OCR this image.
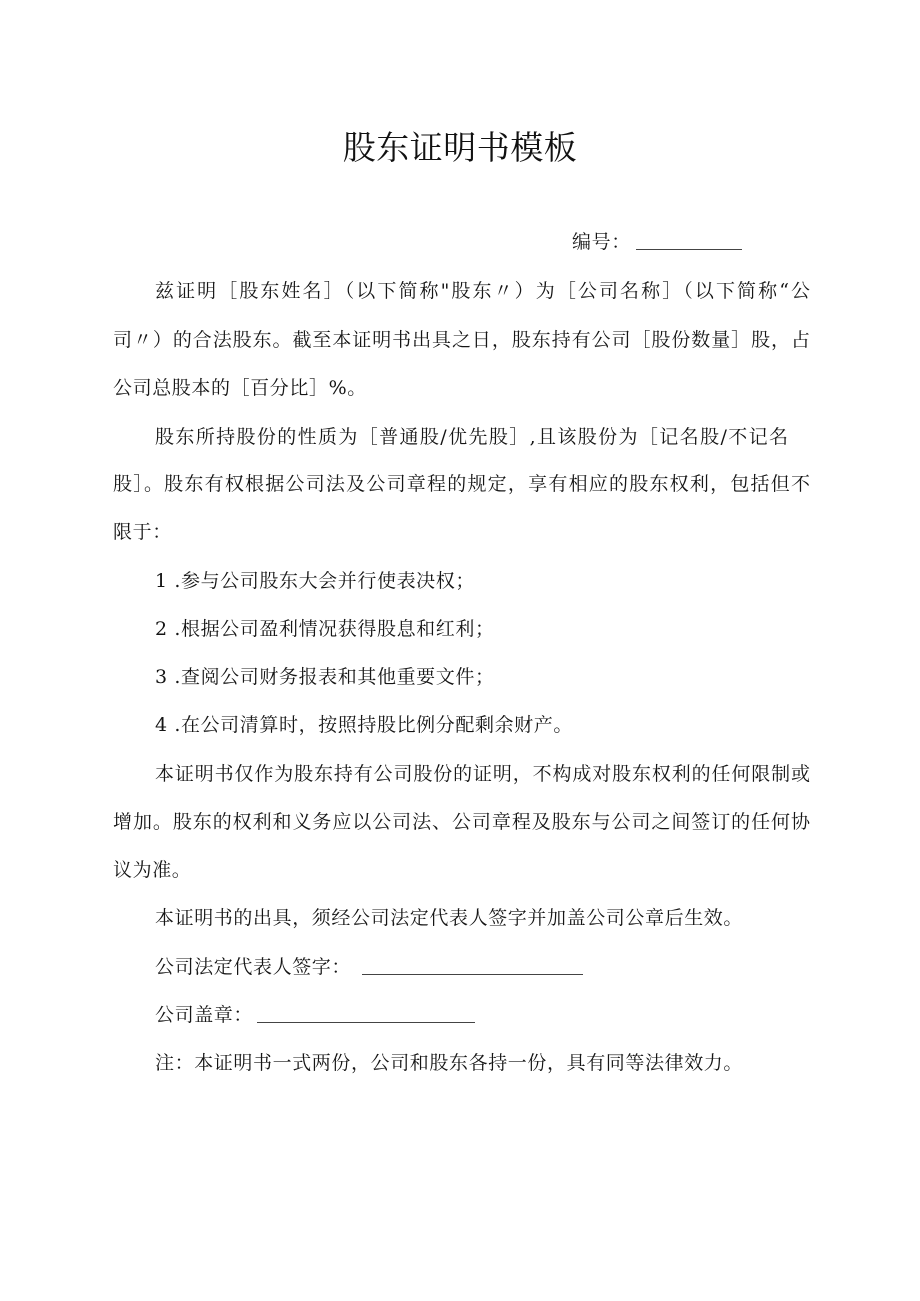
股东证明书模板
编号：
兹证明［股东姓名］（以下简称"股东〃）为［公司名称］（以下简称“公
司〃）的合法股东。截至本证明书出具之日，股东持有公司［股份数量］股，占
公司总股本的［百分比］%。
股东所持股份的性质为［普通股/优先股］,且该股份为［记名股/不记名
股］。股东有权根据公司法及公司章程的规定，享有相应的股东权利，包括但不
限于：
1 .参与公司股东大会并行使表决权；
2 .根据公司盈利情况获得股息和红利；
3 .查阅公司财务报表和其他重要文件；
4 .在公司清算时，按照持股比例分配剩余财产。
本证明书仅作为股东持有公司股份的证明，不构成对股东权利的任何限制或
增加。股东的权利和义务应以公司法、公司章程及股东与公司之间签订的任何协
议为准。
本证明书的出具，须经公司法定代表人签字并加盖公司公章后生效。
公司法定代表人签字：
公司盖章：
注：本证明书一式两份，公司和股东各持一份，具有同等法律效力。
